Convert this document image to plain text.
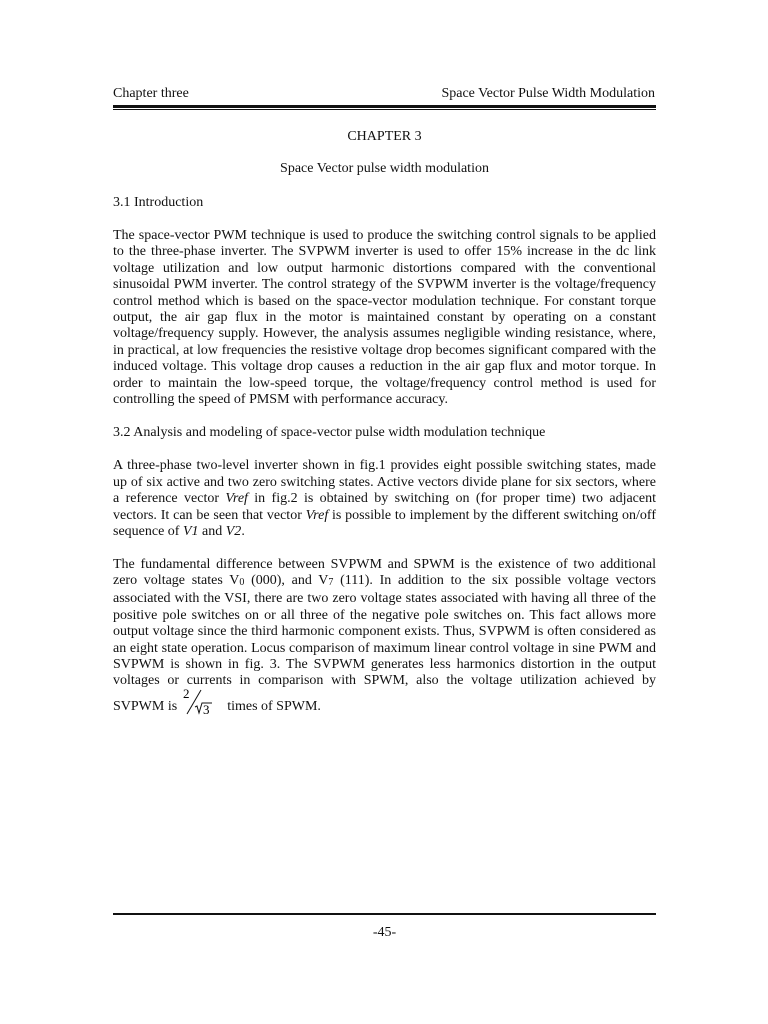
Chapter three	Space Vector Pulse Width Modulation
CHAPTER 3
Space Vector pulse width modulation
3.1 Introduction

The space-vector PWM technique is used to produce the switching control signals to be applied to the three-phase inverter. The SVPWM inverter is used to offer 15% increase in the dc link voltage utilization and low output harmonic distortions compared with the conventional sinusoidal PWM inverter. The control strategy of the SVPWM inverter is the voltage/frequency control method which is based on the space-vector modulation technique. For constant torque output, the air gap flux in the motor is maintained constant by operating on a constant voltage/frequency supply. However, the analysis assumes negligible winding resistance, where, in practical, at low frequencies the resistive voltage drop becomes significant compared with the induced voltage. This voltage drop causes a reduction in the air gap flux and motor torque. In order to maintain the low-speed torque, the voltage/frequency control method is used for controlling the speed of PMSM with performance accuracy.

3.2 Analysis and modeling of space-vector pulse width modulation technique

A three-phase two-level inverter shown in fig.1 provides eight possible switching states, made up of six active and two zero switching states. Active vectors divide plane for six sectors, where a reference vector Vref in fig.2 is obtained by switching on (for proper time) two adjacent vectors. It can be seen that vector Vref is possible to implement by the different switching on/off sequence of V1 and V2.

The fundamental difference between SVPWM and SPWM is the existence of two additional zero voltage states $V_0$ (000), and $V_7$ (111). In addition to the six possible voltage vectors associated with the VSI, there are two zero voltage states associated with having all three of the positive pole switches on or all three of the negative pole switches on. This fact allows more output voltage since the third harmonic component exists. Thus, SVPWM is often considered as an eight state operation. Locus comparison of maximum linear control voltage in sine PWM and SVPWM is shown in fig. 3. The SVPWM generates less harmonics distortion in the output voltages or currents in comparison with SPWM, also the voltage utilization achieved by SVPWM is
2
3 times of SPWM.

-45-
